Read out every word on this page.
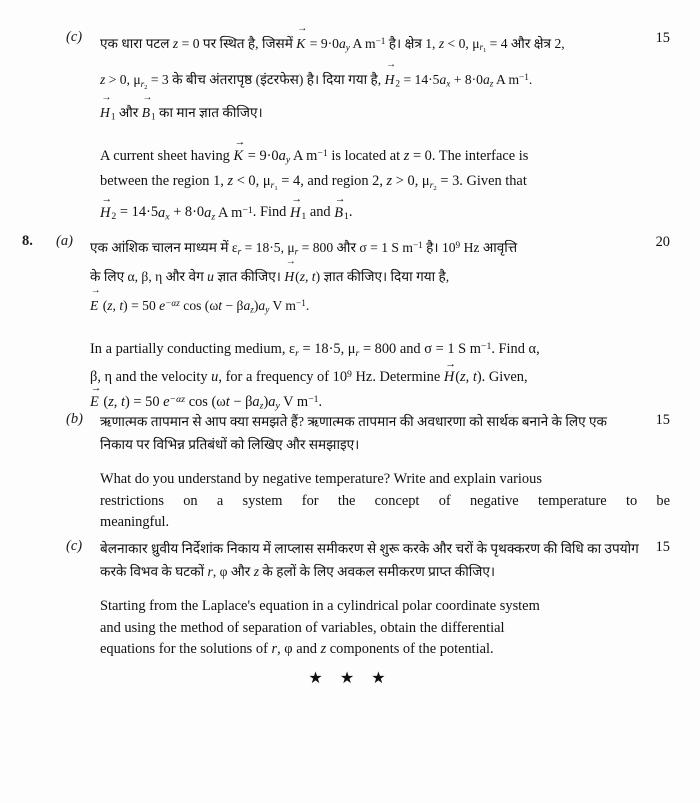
(c)	एक धारा पटल z = 0 पर स्थित है, जिसमें K → = $9\cdot 0a_y$ A $m^{-1}$ है। क्षेत्र 1, z < 0, $\mu_{r_1} = 4$ और क्षेत्र 2,

z > 0, $\mu_{r_2} = 3$ के बीच अंतरापृष्ठ (इंटरफेस) है। दिया गया है, $H \to_2 = 14\cdot 5a_x + 8\cdot 0a_z$ A $m^{-1}$.

$H \to_1$ और $B \to_1$ का मान ज्ञात कीजिए।

A current sheet having K → = $9\cdot 0a_y$ A $m^{-1}$ is located at z = 0. The interface is

between the region 1, z < 0, $\mu_{r_1} = 4$, and region 2, z > 0, $\mu_{r_2} = 3$. Given that

$H \to_2 = 14\cdot 5a_x + 8\cdot 0a_z$ A $m^{-1}$. Find $H \to_1$ and $B \to_1$.
15

8.	(a)	एक आंशिक चालन माध्यम में $\varepsilon_r = 18\cdot 5$, $\mu_r = 800$ और σ = 1 S $m^{-1}$ है। $10^9$ Hz आवृत्ति

के लिए α, β, η और वेग u ज्ञात कीजिए। H →(z, t) ज्ञात कीजिए। दिया गया है,

E → (z, t) = 50 $e^{-\alpha z}$ $\cos (\omega t - \beta a_z)a_y$ V $m^{-1}$.

In a partially conducting medium, $\varepsilon_r = 18\cdot 5$, $\mu_r = 800$ and σ = 1 S $m^{-1}$. Find α,

β, η and the velocity u, for a frequency of $10^9$ Hz. Determine H →(z, t). Given,

E → (z, t) = 50 $e^{-\alpha z}$ $\cos (\omega t - \beta a_z)a_y$ V $m^{-1}$.
20

(b)	ऋणात्मक तापमान से आप क्या समझते हैं? ऋणात्मक तापमान की अवधारणा को सार्थक बनाने के लिए एक

निकाय पर विभिन्न प्रतिबंधों को लिखिए और समझाइए।

What do you understand by negative temperature? Write and explain various

restrictions on a system for the concept of negative temperature to be

meaningful.
15

(c)	बेलनाकार ध्रुवीय निर्देशांक निकाय में लाप्लास समीकरण से शुरू करके और चरों के पृथक्करण की विधि का उपयोग

करके विभव के घटकों r, φ और z के हलों के लिए अवकल समीकरण प्राप्त कीजिए।

Starting from the Laplace's equation in a cylindrical polar coordinate system

and using the method of separation of variables, obtain the differential

equations for the solutions of r, φ and z components of the potential.
15

★ ★ ★
